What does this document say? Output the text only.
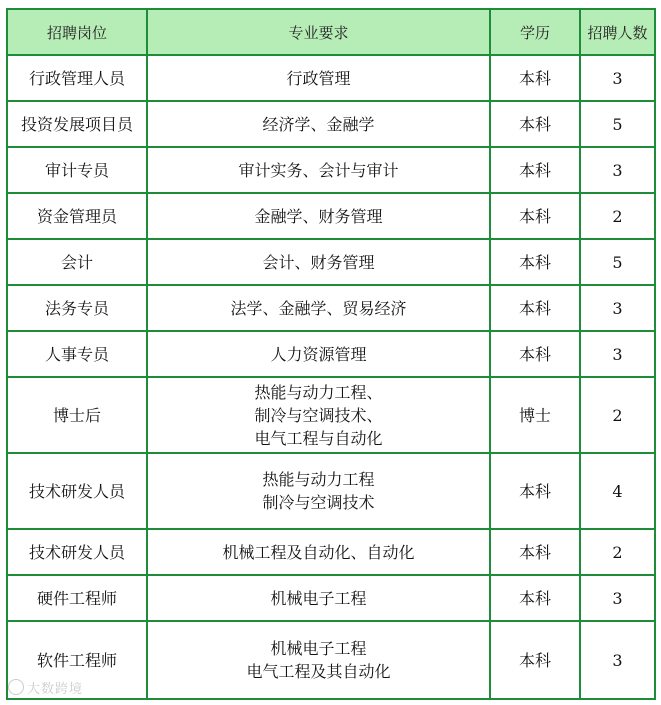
招聘岗位	专业要求	学历	招聘人数
行政管理人员	行政管理	本科	3
投资发展项目员	经济学、金融学	本科	5
审计专员	审计实务、会计与审计	本科	3
资金管理员	金融学、财务管理	本科	2
会计	会计、财务管理	本科	5
法务专员	法学、金融学、贸易经济	本科	3
人事专员	人力资源管理	本科	3
博士后	热能与动力工程、
制冷与空调技术、
电气工程与自动化	博士	2
技术研发人员	热能与动力工程
制冷与空调技术	本科	4
技术研发人员	机械工程及自动化、自动化	本科	2
硬件工程师	机械电子工程	本科	3
软件工程师	机械电子工程
电气工程及其自动化	本科	3
大数跨境
